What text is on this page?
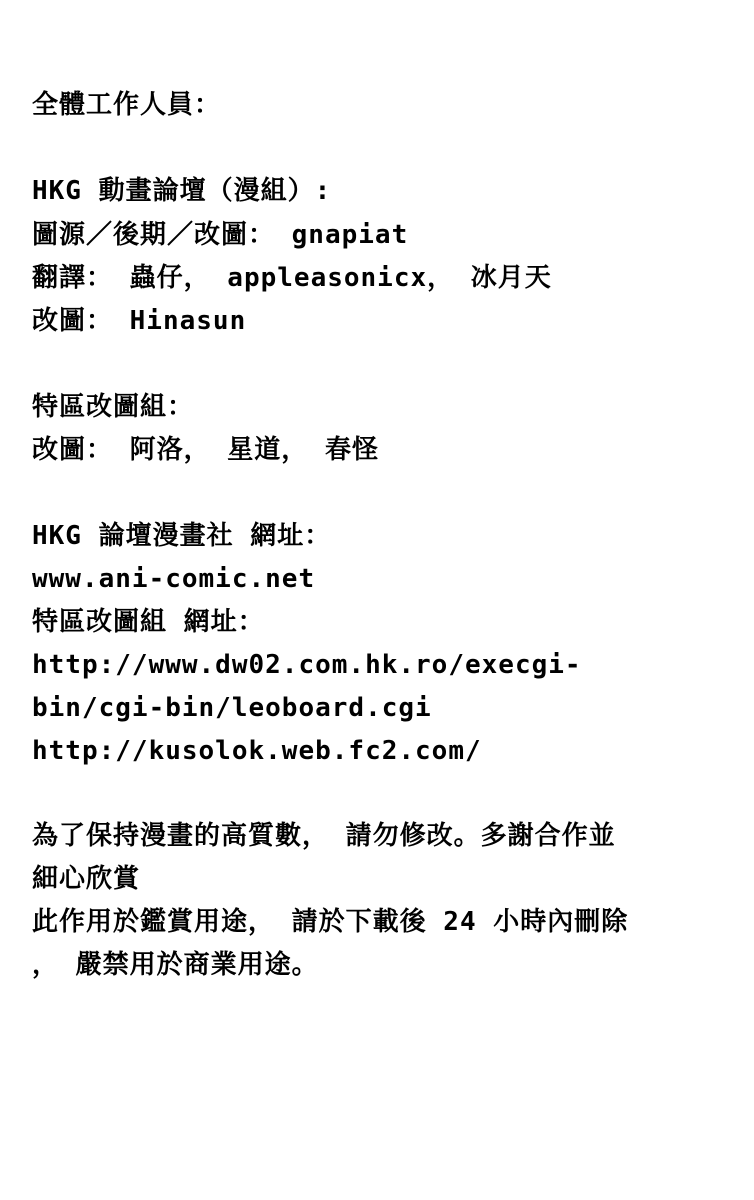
全體工作人員：

HKG 動畫論壇（漫組）:

圖源／後期／改圖： gnapiat

翻譯： 蟲仔， appleasonicx， 冰月天

改圖： Hinasun

特區改圖組：

改圖： 阿洛， 星道， 春怪

HKG 論壇漫畫社 網址：

www.ani-comic.net

特區改圖組 網址：

http://www.dw02.com.hk.ro/execgi-

bin/cgi-bin/leoboard.cgi

http://kusolok.web.fc2.com/

為了保持漫畫的高質數， 請勿修改。多謝合作並

細心欣賞

此作用於鑑賞用途， 請於下載後 24 小時內刪除

， 嚴禁用於商業用途。
